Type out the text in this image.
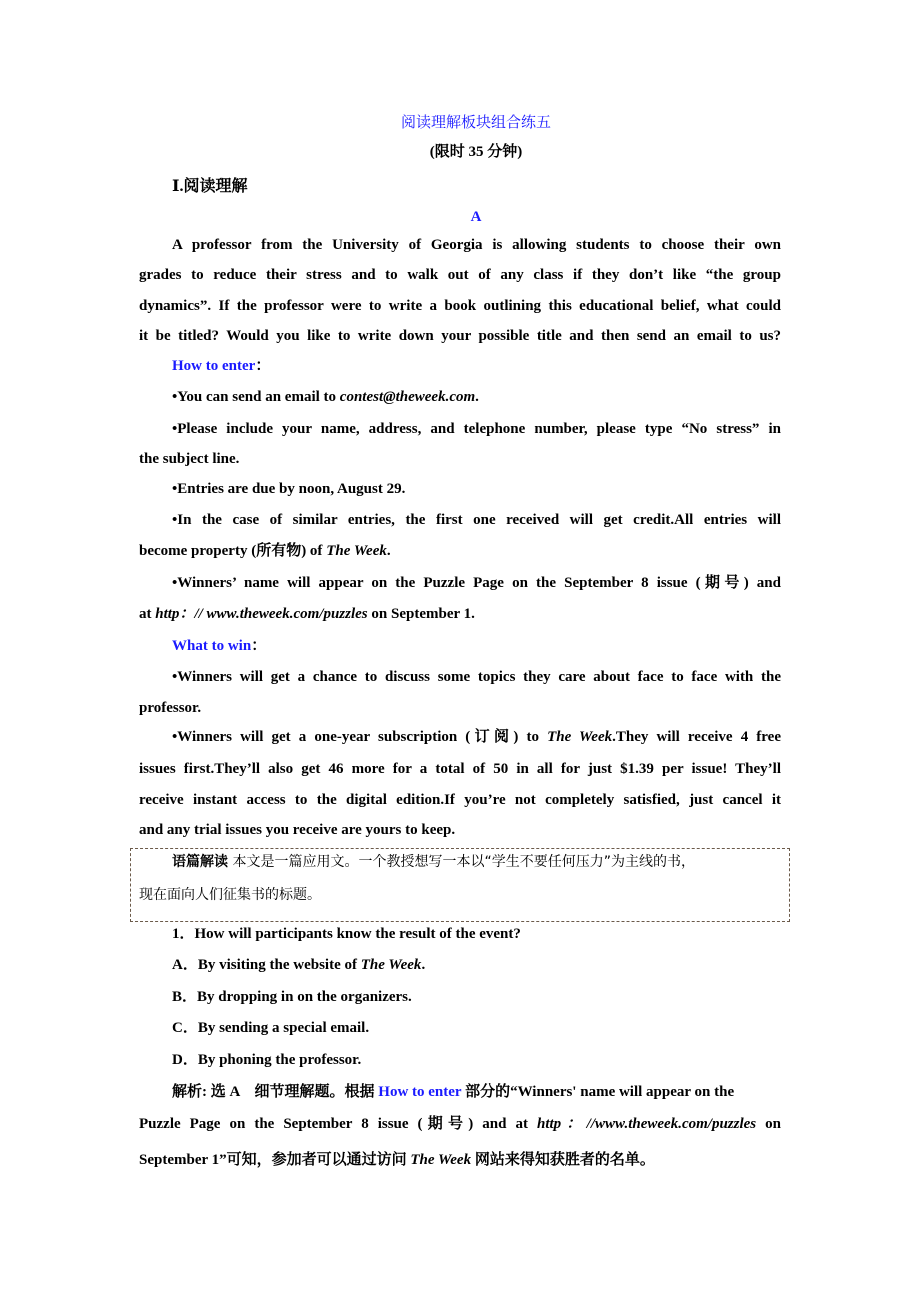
阅读理解板块组合练五
(限时 35 分钟)
Ⅰ.阅读理解
A
A professor from the University of Georgia is allowing students to choose their own
grades to reduce their stress and to walk out of any class if they don’t like “the group
dynamics”. If the professor were to write a book outlining this educational belief, what could
it be titled? Would you like to write down your possible title and then send an email to us?
How to enter：
•You can send an email to contest@theweek.com.
•Please include your name, address, and telephone number, please type “No stress” in
the subject line.
•Entries are due by noon, August 29.
•In the case of similar entries, the first one received will get credit.All entries will
become property (所有物) of The Week.
•Winners’ name will appear on the Puzzle Page on the September 8 issue (期号) and
at http：// www.theweek.com/puzzles on September 1.
What to win：
•Winners will get a chance to discuss some topics they care about face to face with the
professor.
•Winners will get a one-year subscription (订阅) to The Week.They will receive 4 free
issues first.They’ll also get 46 more for a total of 50 in all for just $1.39 per issue! They’ll
receive instant access to the digital edition.If you’re not completely satisfied, just cancel it
and any trial issues you receive are yours to keep.
语篇解读 本文是一篇应用文。一个教授想写一本以“学生不要任何压力”为主线的书，
现在面向人们征集书的标题。
1．How will participants know the result of the event?
A．By visiting the website of The Week.
B．By dropping in on the organizers.
C．By sending a special email.
D．By phoning the professor.
解析: 选 A　细节理解题。根据 How to enter 部分的“Winners' name will appear on the
Puzzle Page on the September 8 issue (期号) and at http：//www.theweek.com/puzzles on
September 1”可知，参加者可以通过访问 The Week 网站来得知获胜者的名单。
